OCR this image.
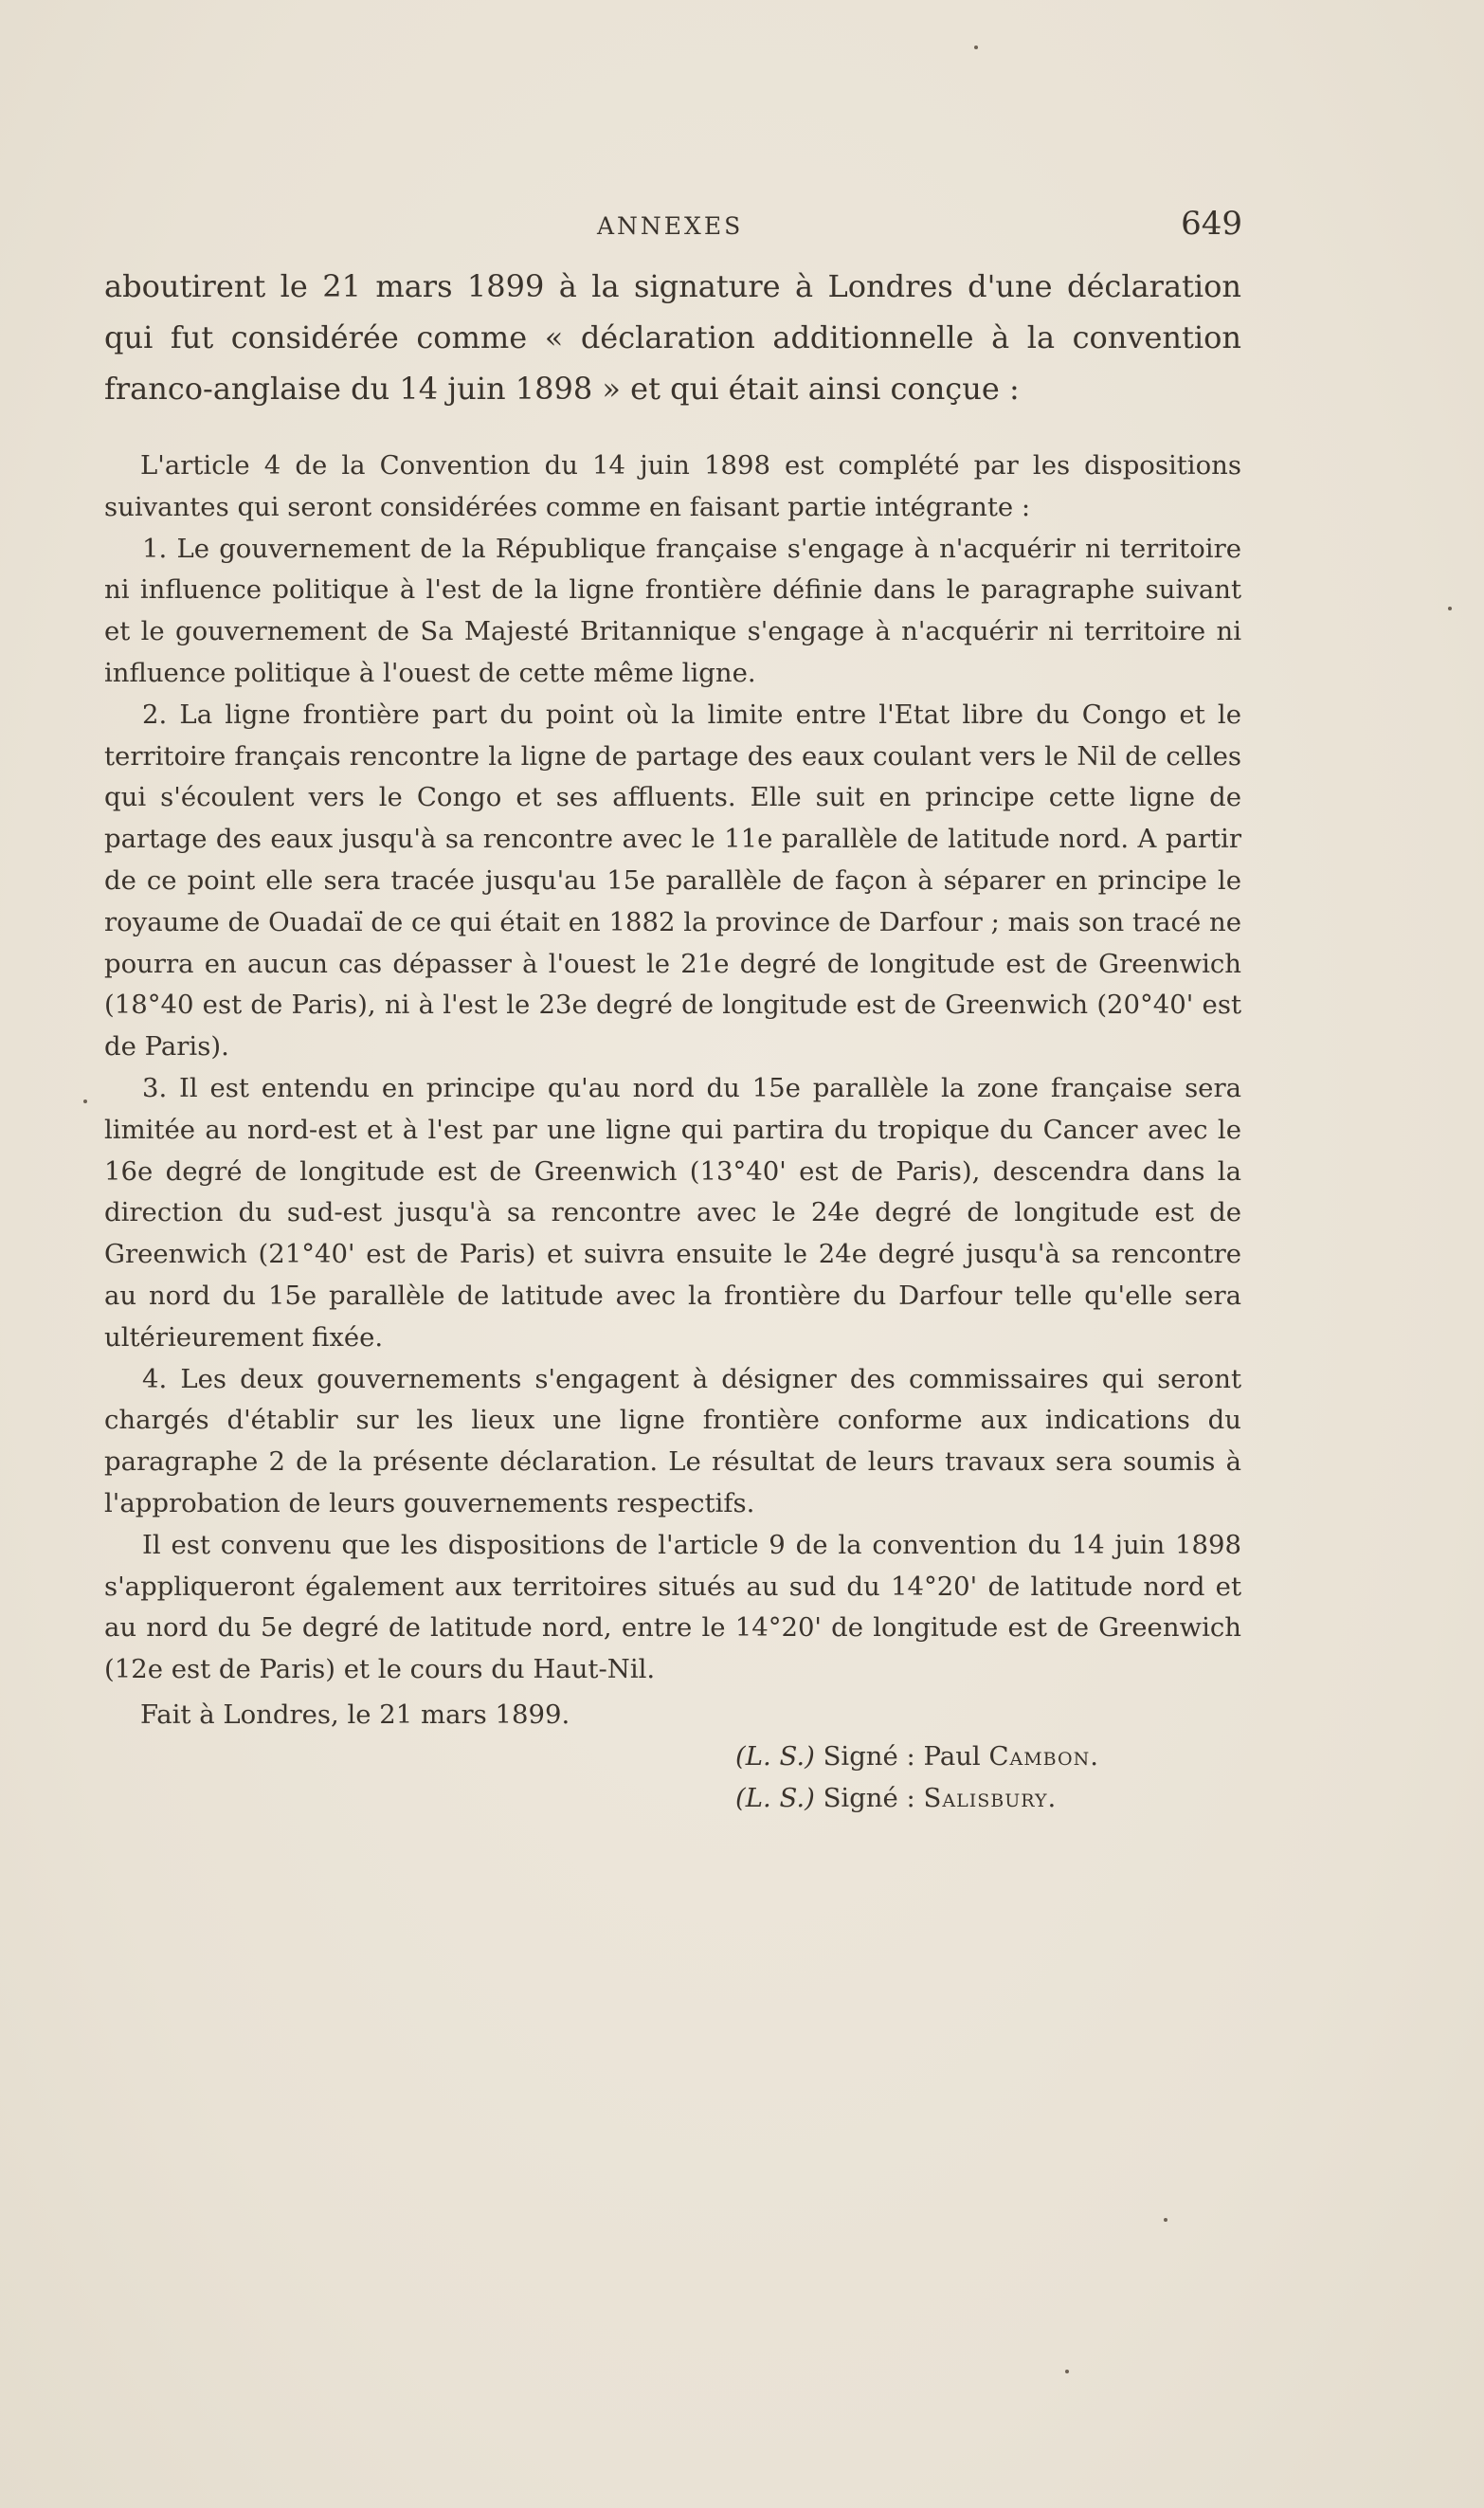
ANNEXES	649

aboutirent le 21 mars 1899 à la signature à Londres d'une déclaration qui fut considérée comme « déclaration additionnelle à la convention franco-anglaise du 14 juin 1898 » et qui était ainsi conçue :

L'article 4 de la Convention du 14 juin 1898 est complété par les dispositions suivantes qui seront considérées comme en faisant partie intégrante :

1. Le gouvernement de la République française s'engage à n'acquérir ni territoire ni influence politique à l'est de la ligne frontière définie dans le paragraphe suivant et le gouvernement de Sa Majesté Britannique s'engage à n'acquérir ni territoire ni influence politique à l'ouest de cette même ligne.

2. La ligne frontière part du point où la limite entre l'Etat libre du Congo et le territoire français rencontre la ligne de partage des eaux coulant vers le Nil de celles qui s'écoulent vers le Congo et ses affluents. Elle suit en principe cette ligne de partage des eaux jusqu'à sa rencontre avec le 11e parallèle de latitude nord. A partir de ce point elle sera tracée jusqu'au 15e parallèle de façon à séparer en principe le royaume de Ouadaï de ce qui était en 1882 la province de Darfour ; mais son tracé ne pourra en aucun cas dépasser à l'ouest le 21e degré de longitude est de Greenwich (18°40 est de Paris), ni à l'est le 23e degré de longitude est de Greenwich (20°40' est de Paris).

3. Il est entendu en principe qu'au nord du 15e parallèle la zone française sera limitée au nord-est et à l'est par une ligne qui partira du tropique du Cancer avec le 16e degré de longitude est de Greenwich (13°40' est de Paris), descendra dans la direction du sud-est jusqu'à sa rencontre avec le 24e degré de longitude est de Greenwich (21°40' est de Paris) et suivra ensuite le 24e degré jusqu'à sa rencontre au nord du 15e parallèle de latitude avec la frontière du Darfour telle qu'elle sera ultérieurement fixée.

4. Les deux gouvernements s'engagent à désigner des commissaires qui seront chargés d'établir sur les lieux une ligne frontière conforme aux indications du paragraphe 2 de la présente déclaration. Le résultat de leurs travaux sera soumis à l'approbation de leurs gouvernements respectifs.

Il est convenu que les dispositions de l'article 9 de la convention du 14 juin 1898 s'appliqueront également aux territoires situés au sud du 14°20' de latitude nord et au nord du 5e degré de latitude nord, entre le 14°20' de longitude est de Greenwich (12e est de Paris) et le cours du Haut-Nil.

Fait à Londres, le 21 mars 1899.

(L. S.) Signé : Paul Cambon.

(L. S.) Signé : Salisbury.
